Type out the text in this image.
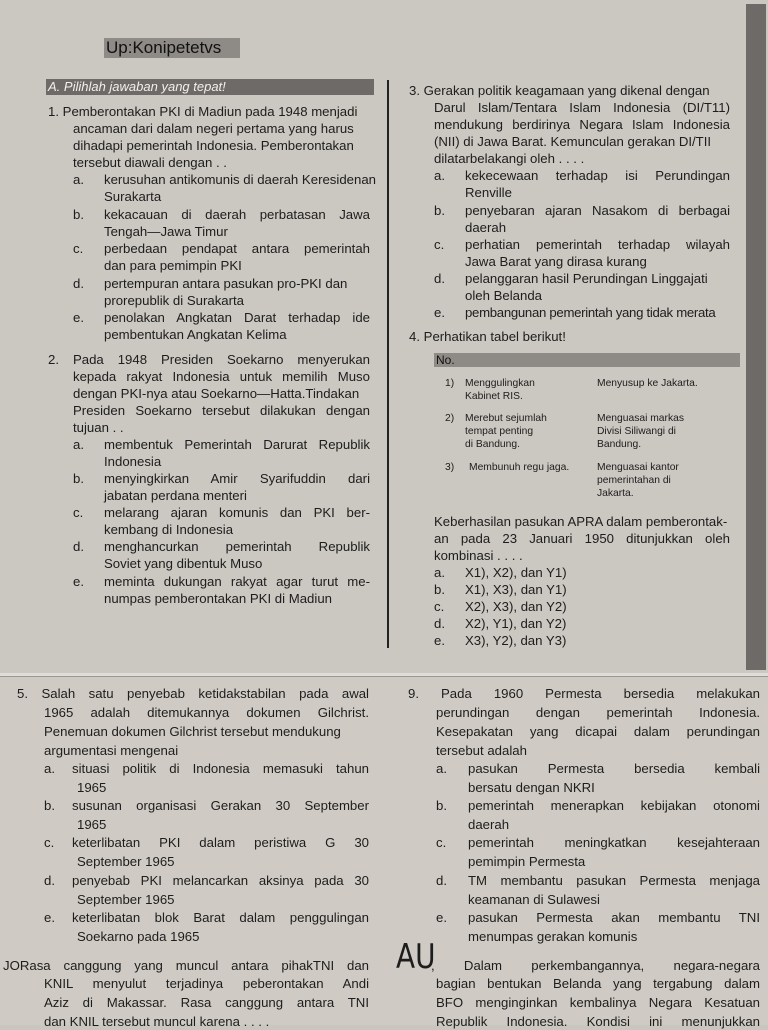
Up:Konipetetvs
A. Pilihlah jawaban yang tepat!
1. Pemberontakan PKI di Madiun pada 1948 menjadi
ancaman dari dalam negeri pertama yang harus
dihadapi pemerintah Indonesia. Pemberontakan
tersebut diawali dengan . .
a. kerusuhan antikomunis di daerah Keresidenan
Surakarta
b. kekacauan di daerah perbatasan Jawa
Tengah—Jawa Timur
c. perbedaan pendapat antara pemerintah
dan para pemimpin PKI
d. pertempuran antara pasukan pro-PKI dan
prorepublik di Surakarta
e. penolakan Angkatan Darat terhadap ide
pembentukan Angkatan Kelima
2. Pada 1948 Presiden Soekarno menyerukan
kepada rakyat Indonesia untuk memilih Muso
dengan PKI-nya atau Soekarno—Hatta.Tindakan
Presiden Soekarno tersebut dilakukan dengan
tujuan . .
a. membentuk Pemerintah Darurat Republik
Indonesia
b. menyingkirkan Amir Syarifuddin dari
jabatan perdana menteri
c. melarang ajaran komunis dan PKI ber-
kembang di Indonesia
d. menghancurkan pemerintah Republik
Soviet yang dibentuk Muso
e. meminta dukungan rakyat agar turut me-
numpas pemberontakan PKI di Madiun
3. Gerakan politik keagamaan yang dikenal dengan
Darul Islam/Tentara Islam Indonesia (DI/T11)
mendukung berdirinya Negara Islam Indonesia
(NII) di Jawa Barat. Kemunculan gerakan DI/TII
dilatarbelakangi oleh . . . .
a. kekecewaan terhadap isi Perundingan
Renville
b. penyebaran ajaran Nasakom di berbagai
daerah
c. perhatian pemerintah terhadap wilayah
Jawa Barat yang dirasa kurang
d. pelanggaran hasil Perundingan Linggajati
oleh Belanda
e. pembangunan pemerintah yang tidak merata
4. Perhatikan tabel berikut!
No.
1) Menggulingkan
Kabinet RIS.
Menyusup ke Jakarta.
2) Merebut sejumlah
tempat penting
di Bandung.
Menguasai markas
Divisi Siliwangi di
Bandung.
3) Membunuh regu jaga.	Menguasai kantor
pemerintahan di
Jakarta.
Keberhasilan pasukan APRA dalam pemberontak-
an pada 23 Januari 1950 ditunjukkan oleh
kombinasi . . . .
a. X1), X2), dan Y1)
b. X1), X3), dan Y1)
c. X2), X3), dan Y2)
d. X2), Y1), dan Y2)
e. X3), Y2), dan Y3)
5. Salah satu penyebab ketidakstabilan pada awal
1965 adalah ditemukannya dokumen Gilchrist.
Penemuan dokumen Gilchrist tersebut mendukung
argumentasi mengenai
a. situasi politik di Indonesia memasuki tahun
1965
b. susunan organisasi Gerakan 30 September
1965
c. keterlibatan PKI dalam peristiwa G 30
September 1965
d. penyebab PKI melancarkan aksinya pada 30
September 1965
e. keterlibatan blok Barat dalam penggulingan
Soekarno pada 1965
JORasa canggung yang muncul antara pihakTNI dan
KNIL menyulut terjadinya peberontakan Andi
Aziz di Makassar. Rasa canggung antara TNI
dan KNIL tersebut muncul karena . . . .
9. Pada 1960 Permesta bersedia melakukan
perundingan dengan pemerintah Indonesia.
Kesepakatan yang dicapai dalam perundingan
tersebut adalah
a. pasukan Permesta bersedia kembali
bersatu dengan NKRI
b. pemerintah menerapkan kebijakan otonomi
daerah
c. pemerintah meningkatkan kesejahteraan
pemimpin Permesta
d. TM membantu pasukan Permesta menjaga
keamanan di Sulawesi
e. pasukan Permesta akan membantu TNI
menumpas gerakan komunis
AU
, Dalam perkembangannya, negara-negara
bagian bentukan Belanda yang tergabung dalam
BFO menginginkan kembalinya Negara Kesatuan
Republik Indonesia. Kondisi ini menunjukkan
